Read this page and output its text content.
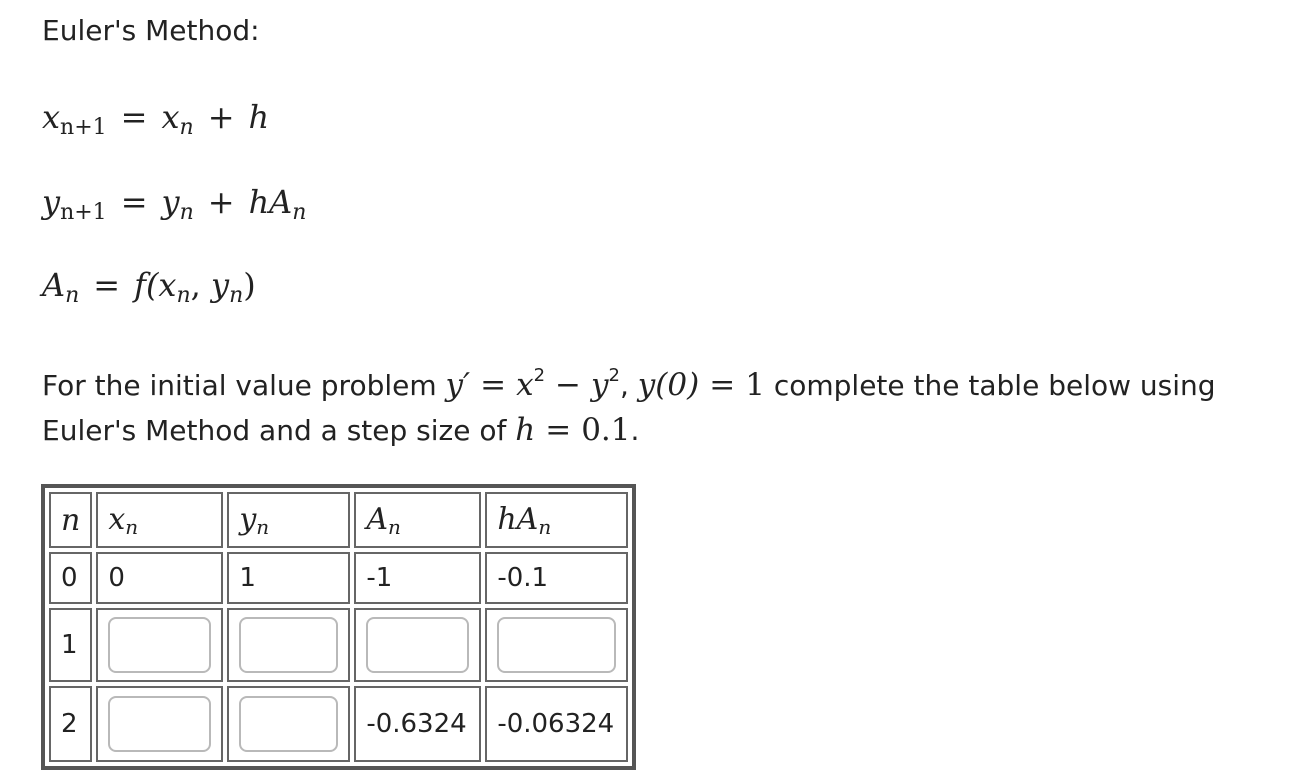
Euler's Method:
$x_{n+1} = x_n + h$
$y_{n+1} = y_n + hA_n$
$A_n = f(x_n$, $y_n$)
For the initial value problem $y' = x^2 - y^2$, y(0) = 1 complete the table below using Euler's Method and a step size of h = 0.1.
n	$x_n$	$y_n$	$A_n$	$hA_n$
0	0	1	-1	-0.1
1	

2			-0.6324	-0.06324
